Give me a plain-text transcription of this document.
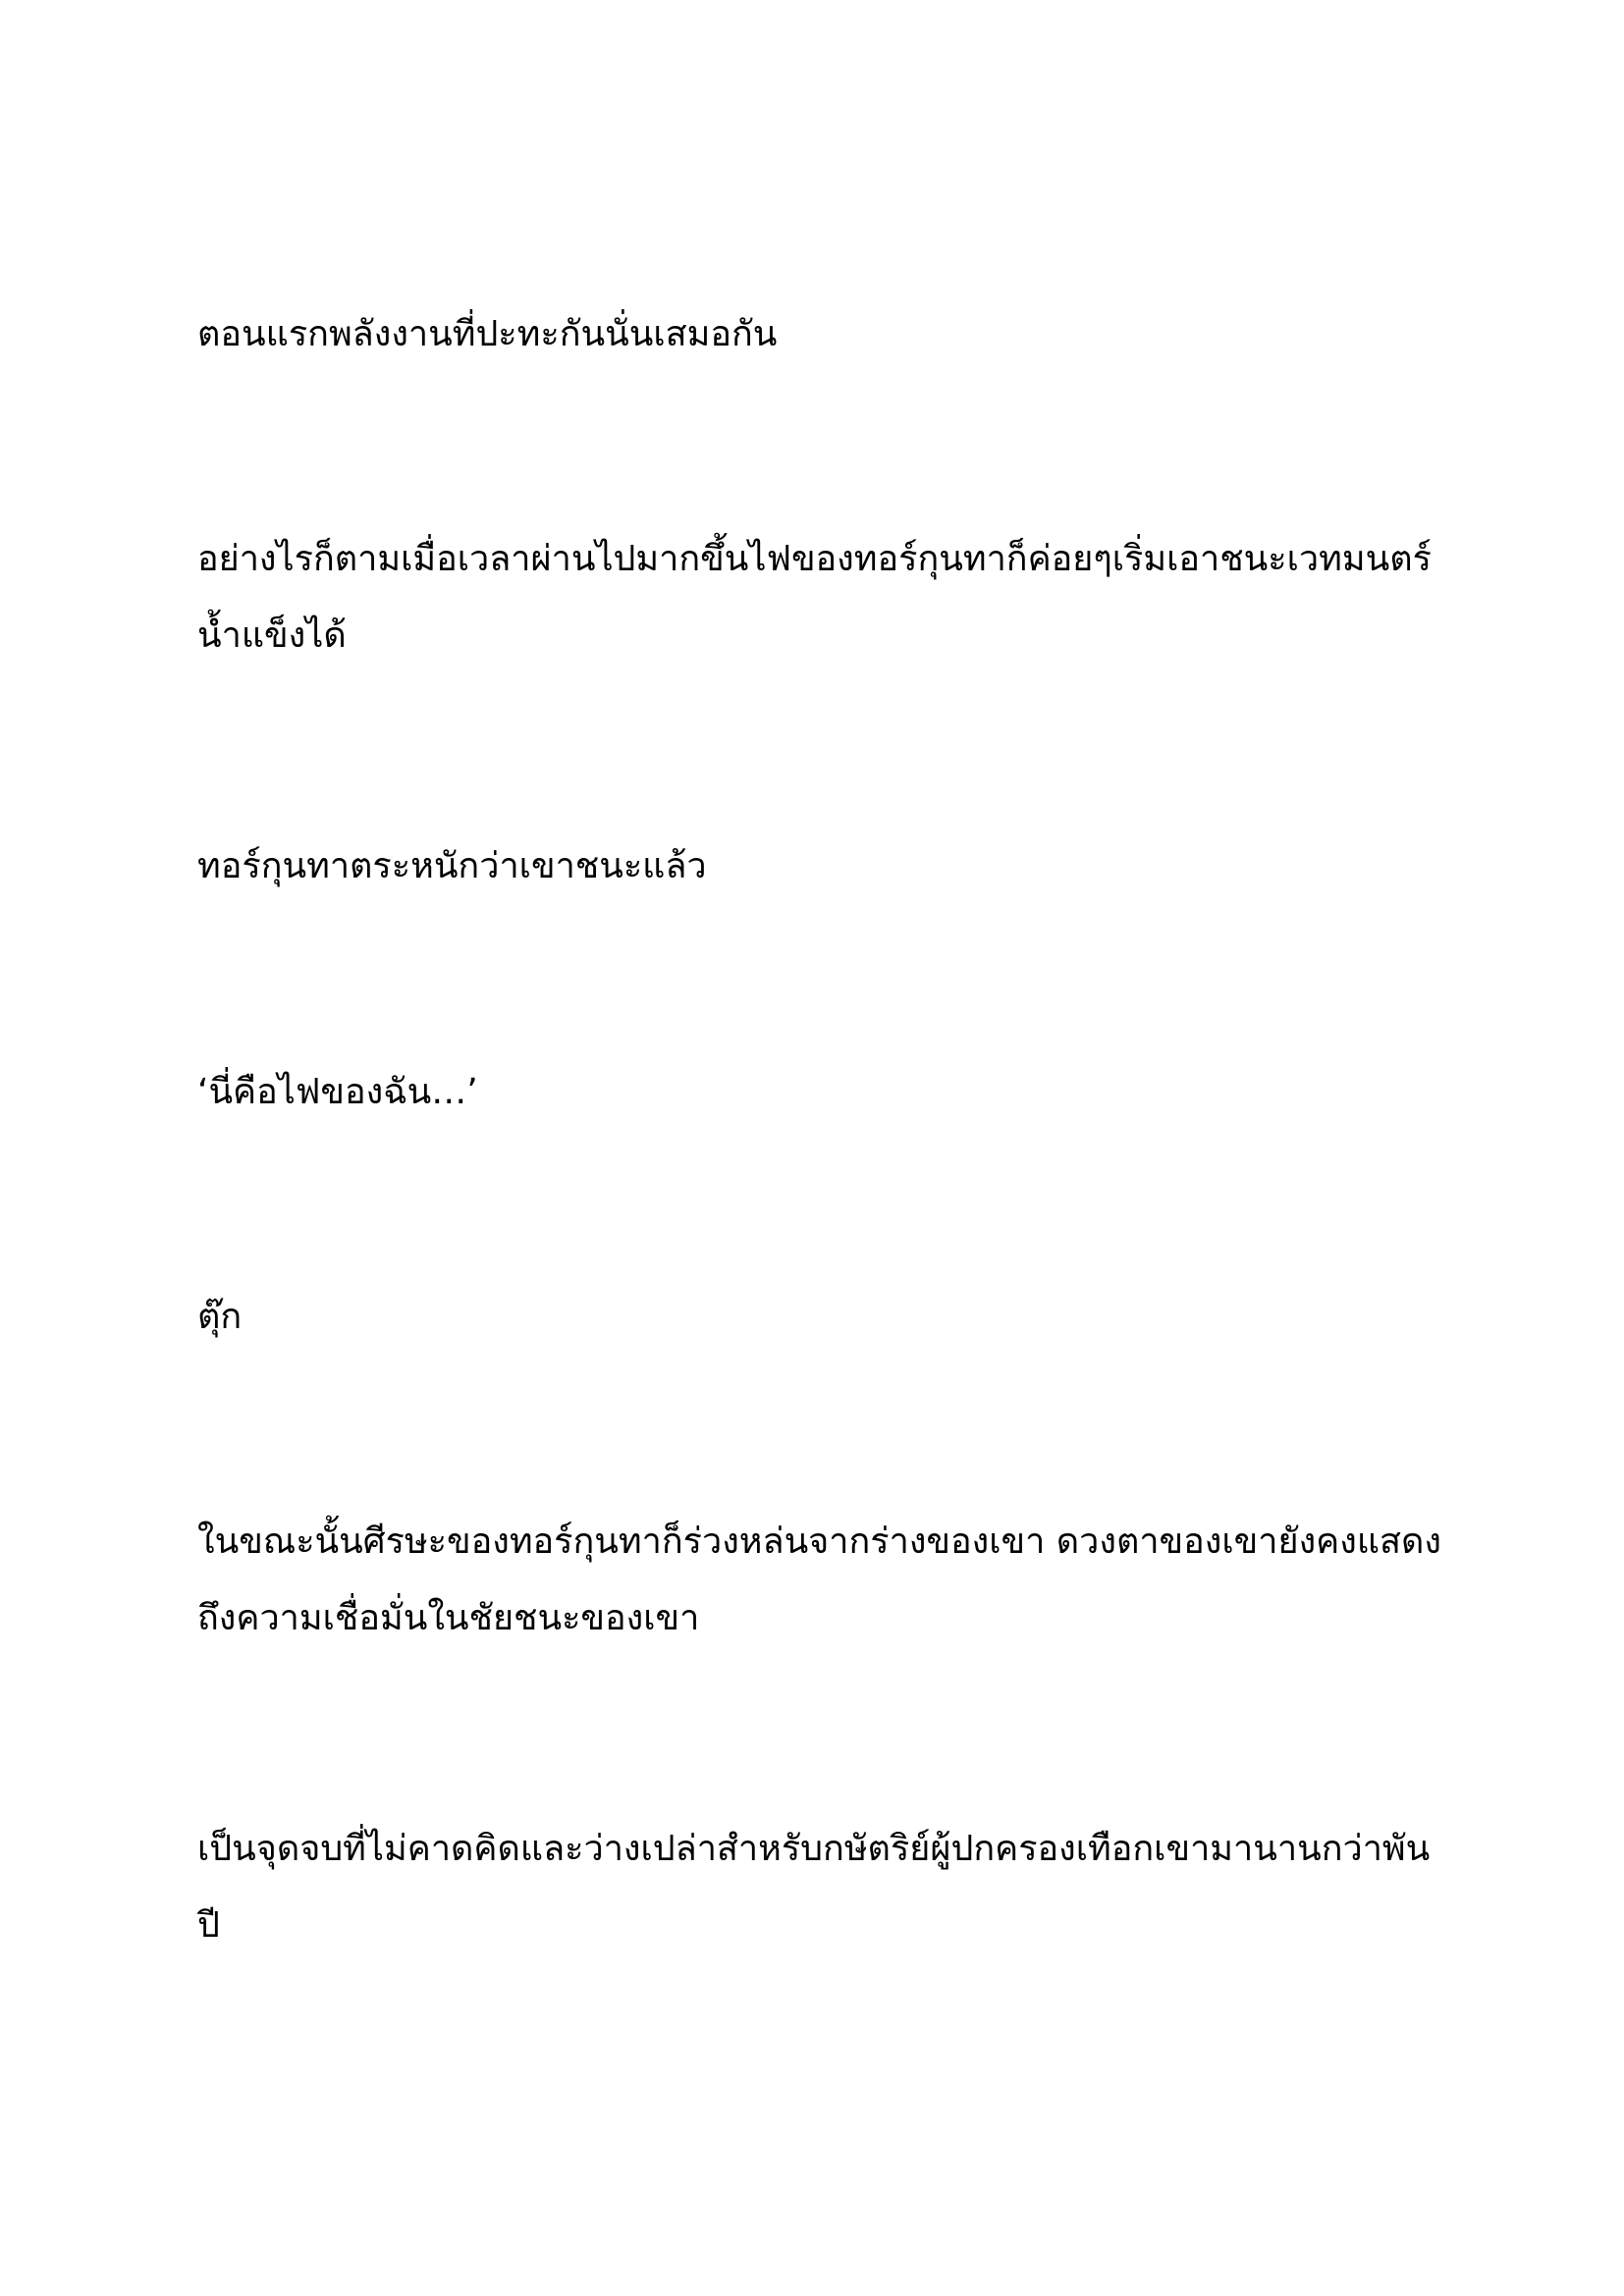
ตอนแรกพลังงานที่ปะทะกันนั่นเสมอกัน

อย่างไรก็ตามเมื่อเวลาผ่านไปมากขึ้นไฟของทอร์กุนทาก็ค่อยๆเริ่มเอาชนะเวทมนตร์
น้ำแข็งได้

ทอร์กุนทาตระหนักว่าเขาชนะแล้ว

‘นี่คือไฟของฉัน…’

ตุ๊ก

ในขณะนั้นศีรษะของทอร์กุนทาก็ร่วงหล่นจากร่างของเขา ดวงตาของเขายังคงแสดง
ถึงความเชื่อมั่นในชัยชนะของเขา

เป็นจุดจบที่ไม่คาดคิดและว่างเปล่าสำหรับกษัตริย์ผู้ปกครองเทือกเขามานานกว่าพัน
ปี
